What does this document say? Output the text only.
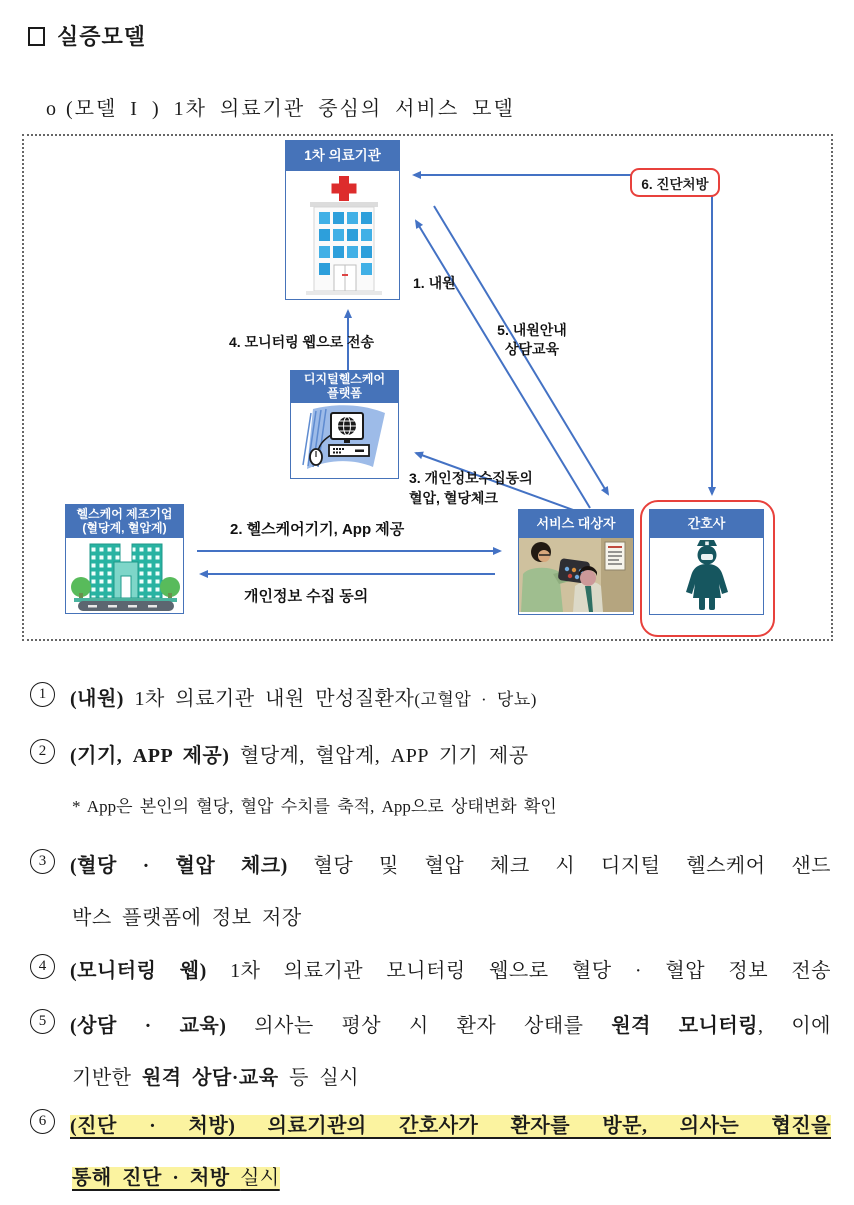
실증모델
o (모델 I ) 1차 의료기관 중심의 서비스 모델
1차 의료기관
6. 진단처방
디지털헬스케어
플랫폼
헬스케어 제조기업
(혈당계, 혈압계)	서비스 대상자	간호사
1. 내원
5. 내원안내
상담교육
4. 모니터링 웹으로 전송
3. 개인정보수집동의
혈압, 혈당체크
2. 헬스케어기기, App 제공
개인정보 수집 동의
1	(내원) 1차 의료기관 내원 만성질환자(고혈압 · 당뇨)
2	(기기, APP 제공) 혈당계, 혈압계, APP 기기 제공
* App은 본인의 혈당, 혈압 수치를 축적, App으로 상태변화 확인
3	(혈당 · 혈압 체크) 혈당 및 혈압 체크 시 디지털 헬스케어 샌드
박스 플랫폼에 정보 저장
4	(모니터링 웹) 1차 의료기관 모니터링 웹으로 혈당 · 혈압 정보 전송
5	(상담 · 교육) 의사는 평상 시 환자 상태를 원격 모니터링, 이에
기반한 원격 상담·교육 등 실시
6	(진단 · 처방) 의료기관의 간호사가 환자를 방문, 의사는 협진을
통해 진단 · 처방 실시
